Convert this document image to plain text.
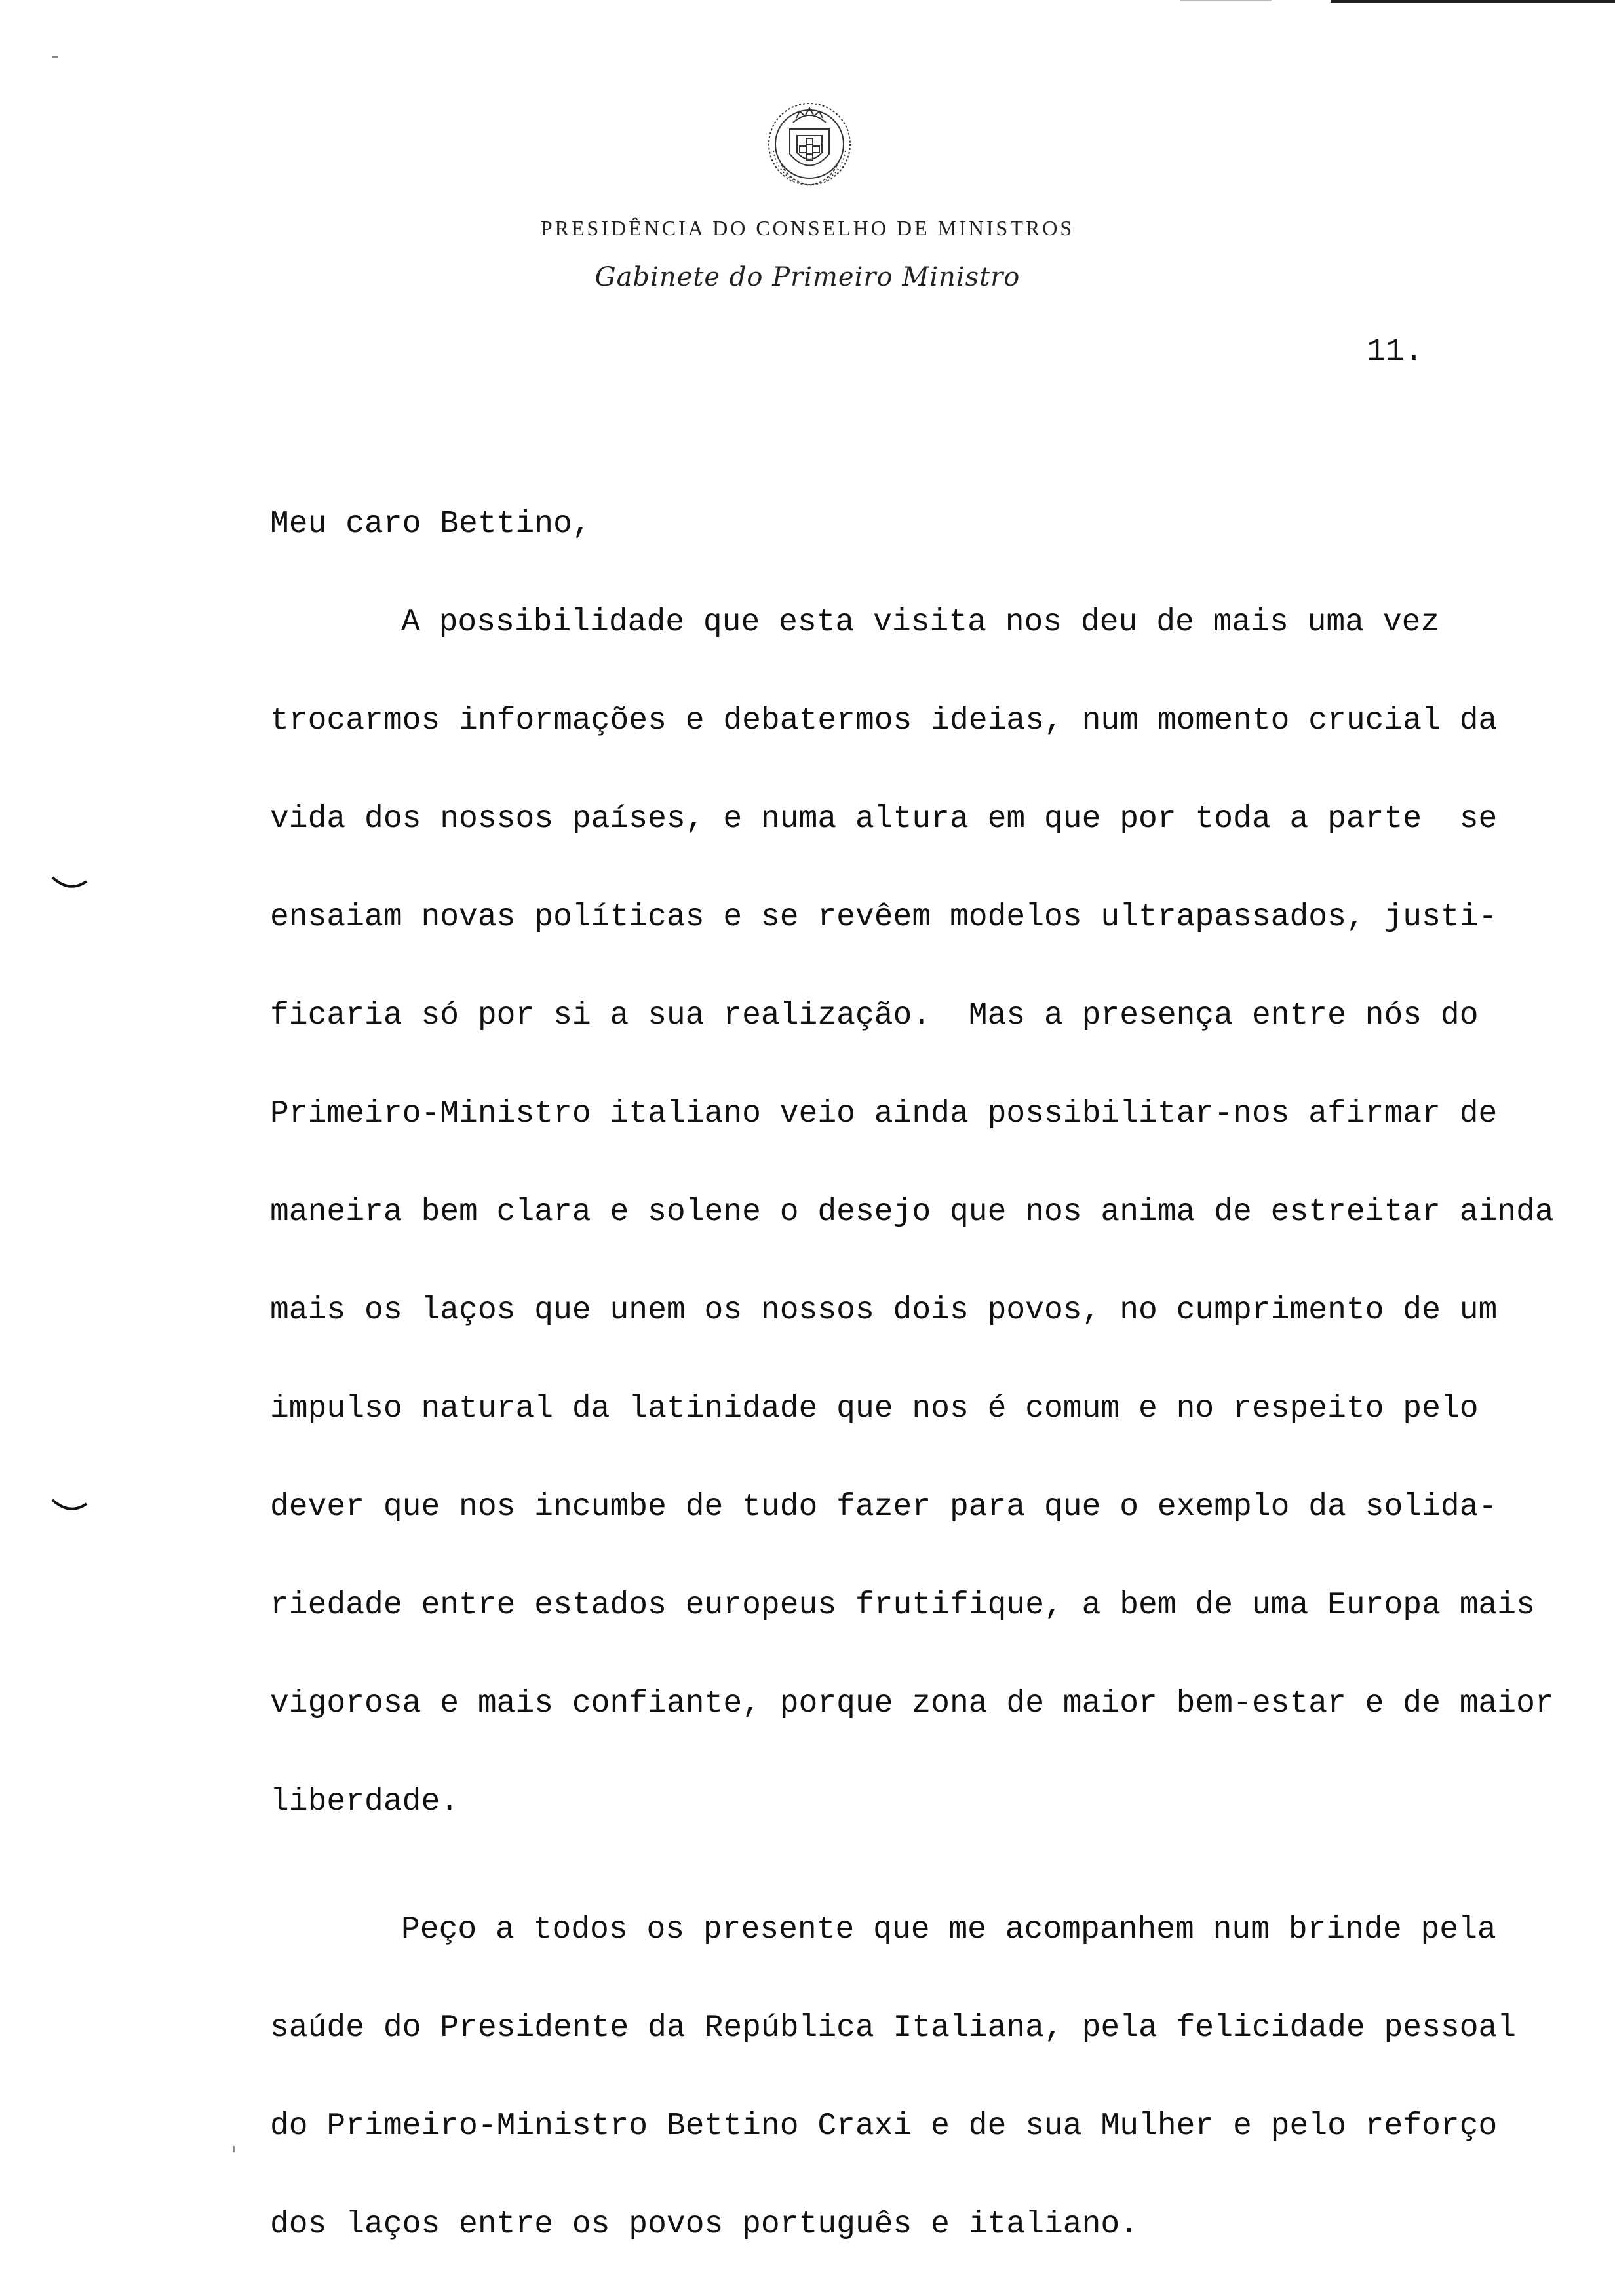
PRESIDÊNCIA DO CONSELHO DE MINISTROS
Gabinete do Primeiro Ministro
11.

Meu caro Bettino,

A possibilidade que esta visita nos deu de mais uma vez
trocarmos informações e debatermos ideias, num momento crucial da
vida dos nossos países, e numa altura em que por toda a parte  se
ensaiam novas políticas e se revêem modelos ultrapassados, justi-
ficaria só por si a sua realização.  Mas a presença entre nós do
Primeiro-Ministro italiano veio ainda possibilitar-nos afirmar de
maneira bem clara e solene o desejo que nos anima de estreitar ainda
mais os laços que unem os nossos dois povos, no cumprimento de um
impulso natural da latinidade que nos é comum e no respeito pelo
dever que nos incumbe de tudo fazer para que o exemplo da solida-
riedade entre estados europeus frutifique, a bem de uma Europa mais
vigorosa e mais confiante, porque zona de maior bem-estar e de maior
liberdade.

Peço a todos os presente que me acompanhem num brinde pela
saúde do Presidente da República Italiana, pela felicidade pessoal
do Primeiro-Ministro Bettino Craxi e de sua Mulher e pelo reforço
dos laços entre os povos português e italiano.
